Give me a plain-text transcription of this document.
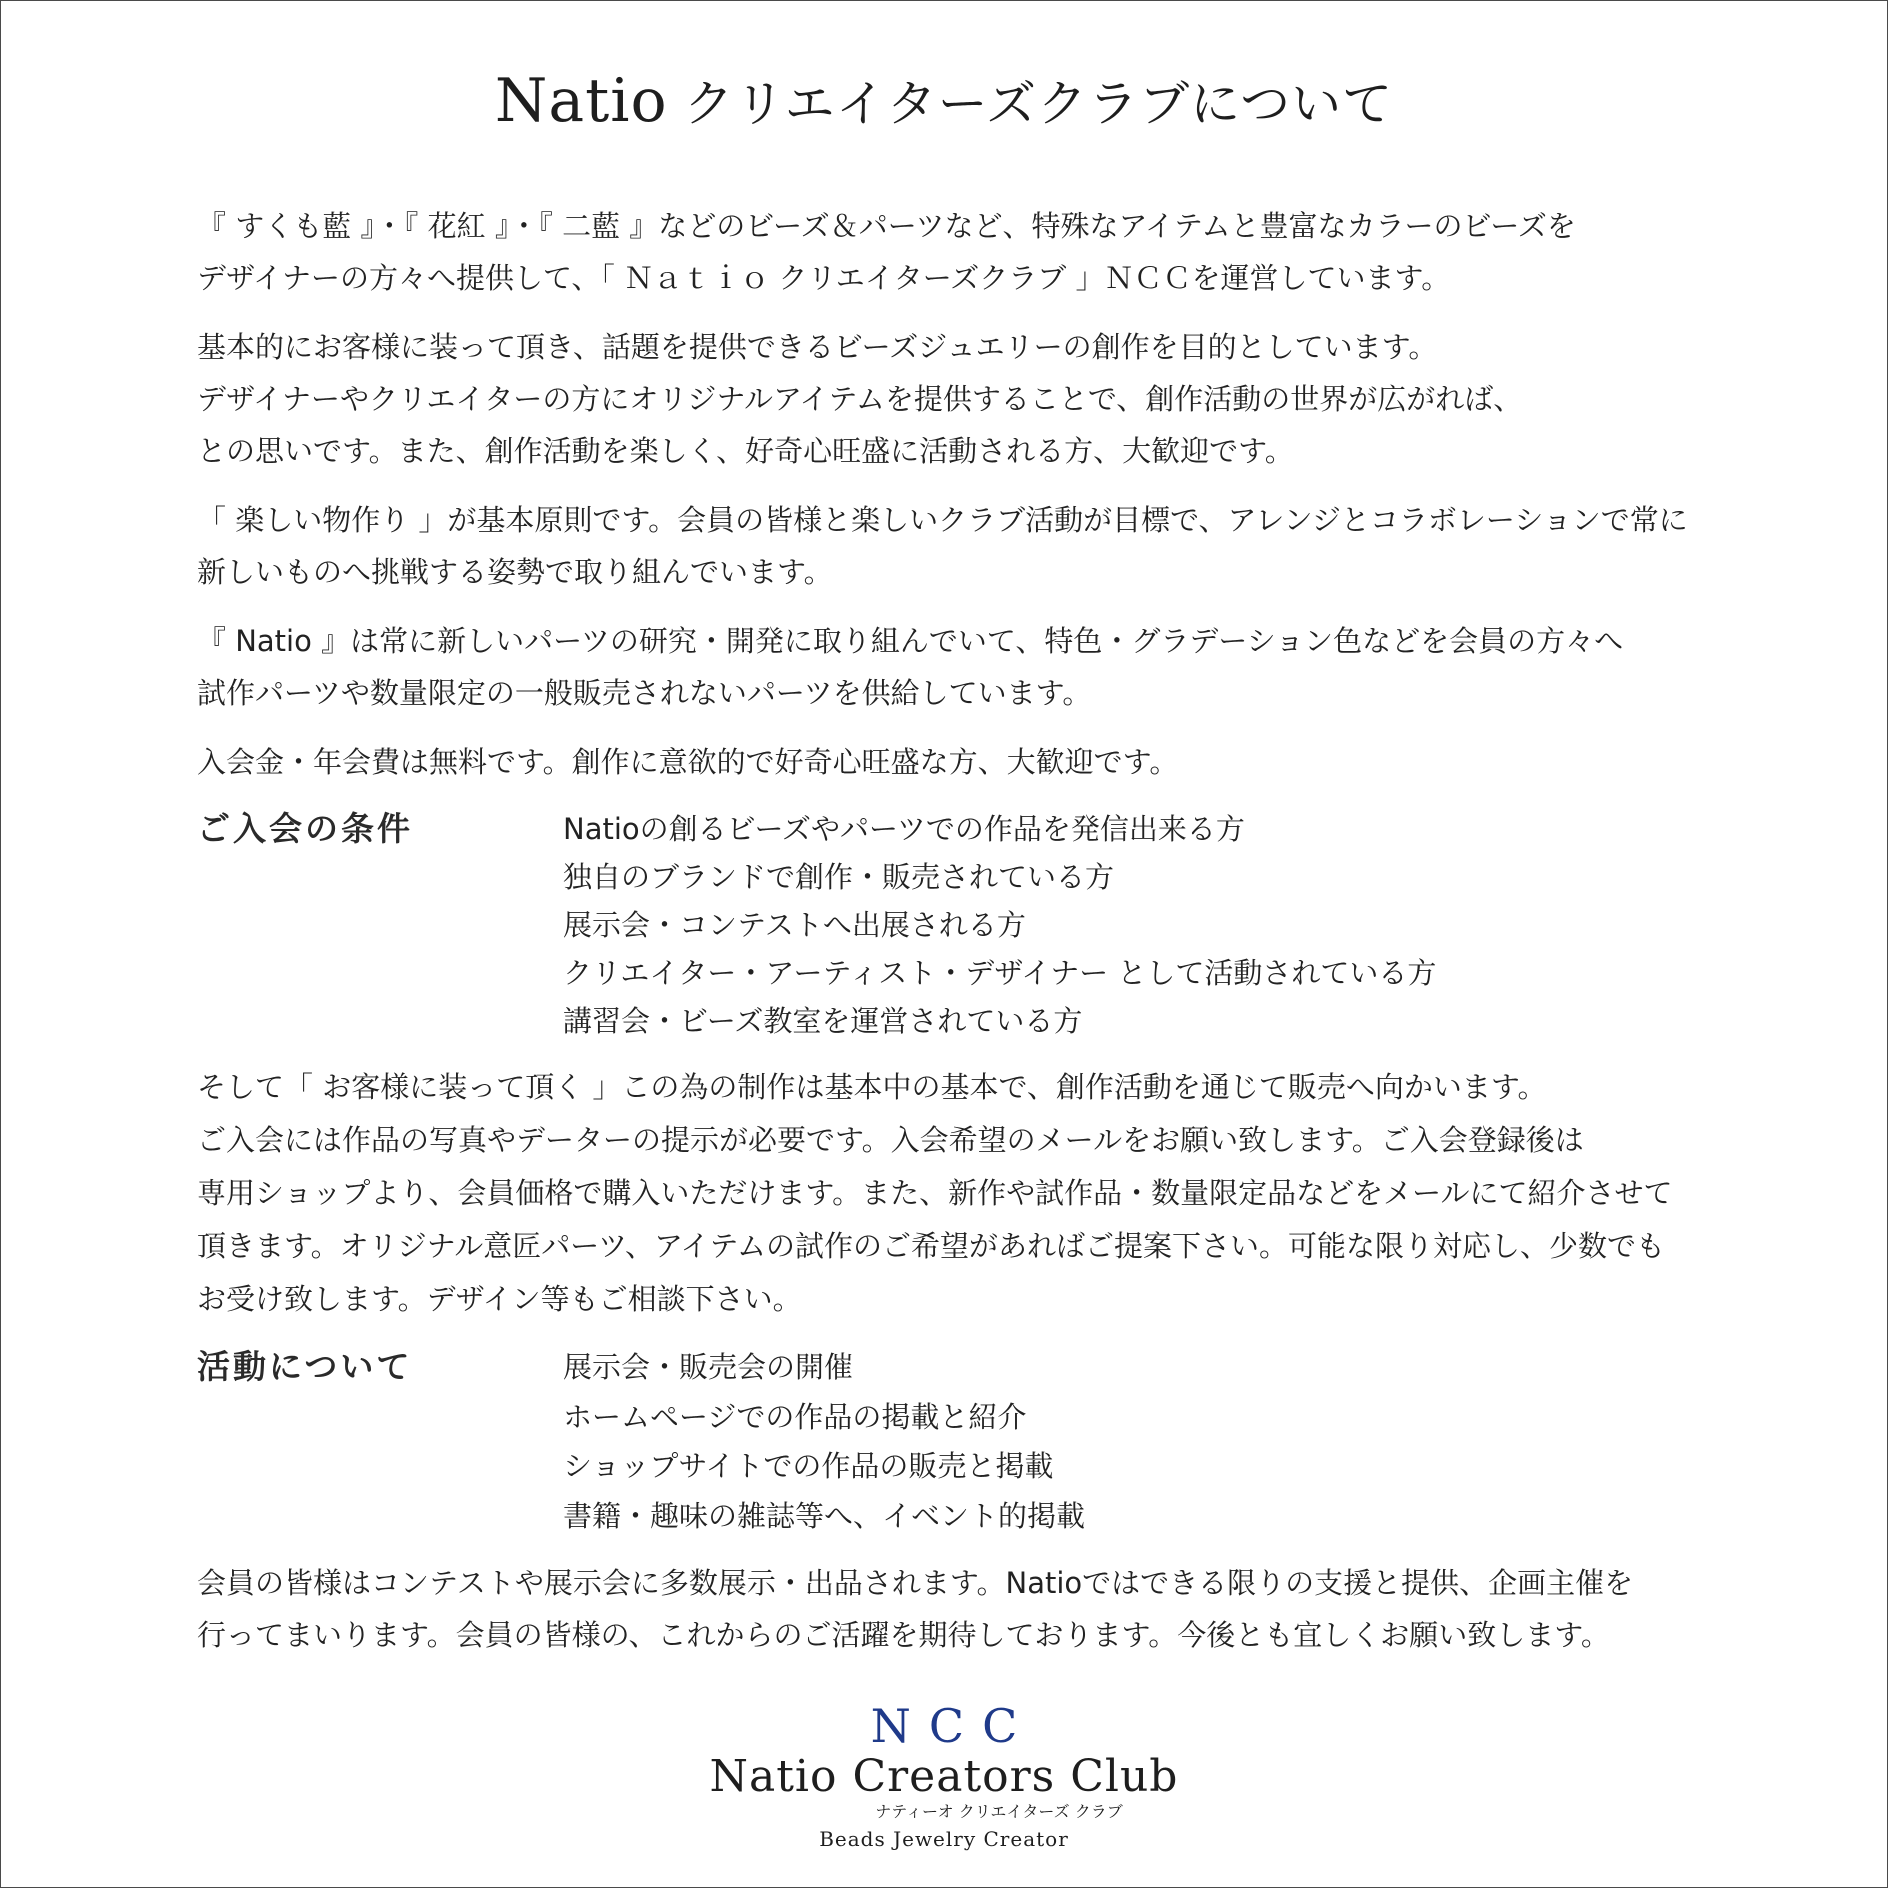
Natio クリエイターズクラブについて
『 すくも藍 』・『 花紅 』・『 二藍 』などのビーズ＆パーツなど、特殊なアイテムと豊富なカラーのビーズを
デザイナーの方々へ提供して、「 Ｎａｔｉｏ クリエイターズクラブ 」ＮＣＣを運営しています。
基本的にお客様に装って頂き、話題を提供できるビーズジュエリーの創作を目的としています。
デザイナーやクリエイターの方にオリジナルアイテムを提供することで、創作活動の世界が広がれば、
との思いです。また、創作活動を楽しく、好奇心旺盛に活動される方、大歓迎です。
「 楽しい物作り 」が基本原則です。会員の皆様と楽しいクラブ活動が目標で、アレンジとコラボレーションで常に
新しいものへ挑戦する姿勢で取り組んでいます。
『 Natio 』は常に新しいパーツの研究・開発に取り組んでいて、特色・グラデーション色などを会員の方々へ
試作パーツや数量限定の一般販売されないパーツを供給しています。
入会金・年会費は無料です。創作に意欲的で好奇心旺盛な方、大歓迎です。
ご入会の条件	Natioの創るビーズやパーツでの作品を発信出来る方
独自のブランドで創作・販売されている方
展示会・コンテストへ出展される方
クリエイター・アーティスト・デザイナー として活動されている方
講習会・ビーズ教室を運営されている方
そして「 お客様に装って頂く 」この為の制作は基本中の基本で、創作活動を通じて販売へ向かいます。
ご入会には作品の写真やデーターの提示が必要です。入会希望のメールをお願い致します。ご入会登録後は
専用ショップより、会員価格で購入いただけます。また、新作や試作品・数量限定品などをメールにて紹介させて
頂きます。オリジナル意匠パーツ、アイテムの試作のご希望があればご提案下さい。可能な限り対応し、少数でも
お受け致します。デザイン等もご相談下さい。
活動について	展示会・販売会の開催
ホームページでの作品の掲載と紹介
ショップサイトでの作品の販売と掲載
書籍・趣味の雑誌等へ、イベント的掲載
会員の皆様はコンテストや展示会に多数展示・出品されます。Natioではできる限りの支援と提供、企画主催を
行ってまいります。会員の皆様の、これからのご活躍を期待しております。今後とも宜しくお願い致します。
NCC
Natio Creators Club
ナティーオ クリエイターズ クラブ
Beads Jewelry Creator
